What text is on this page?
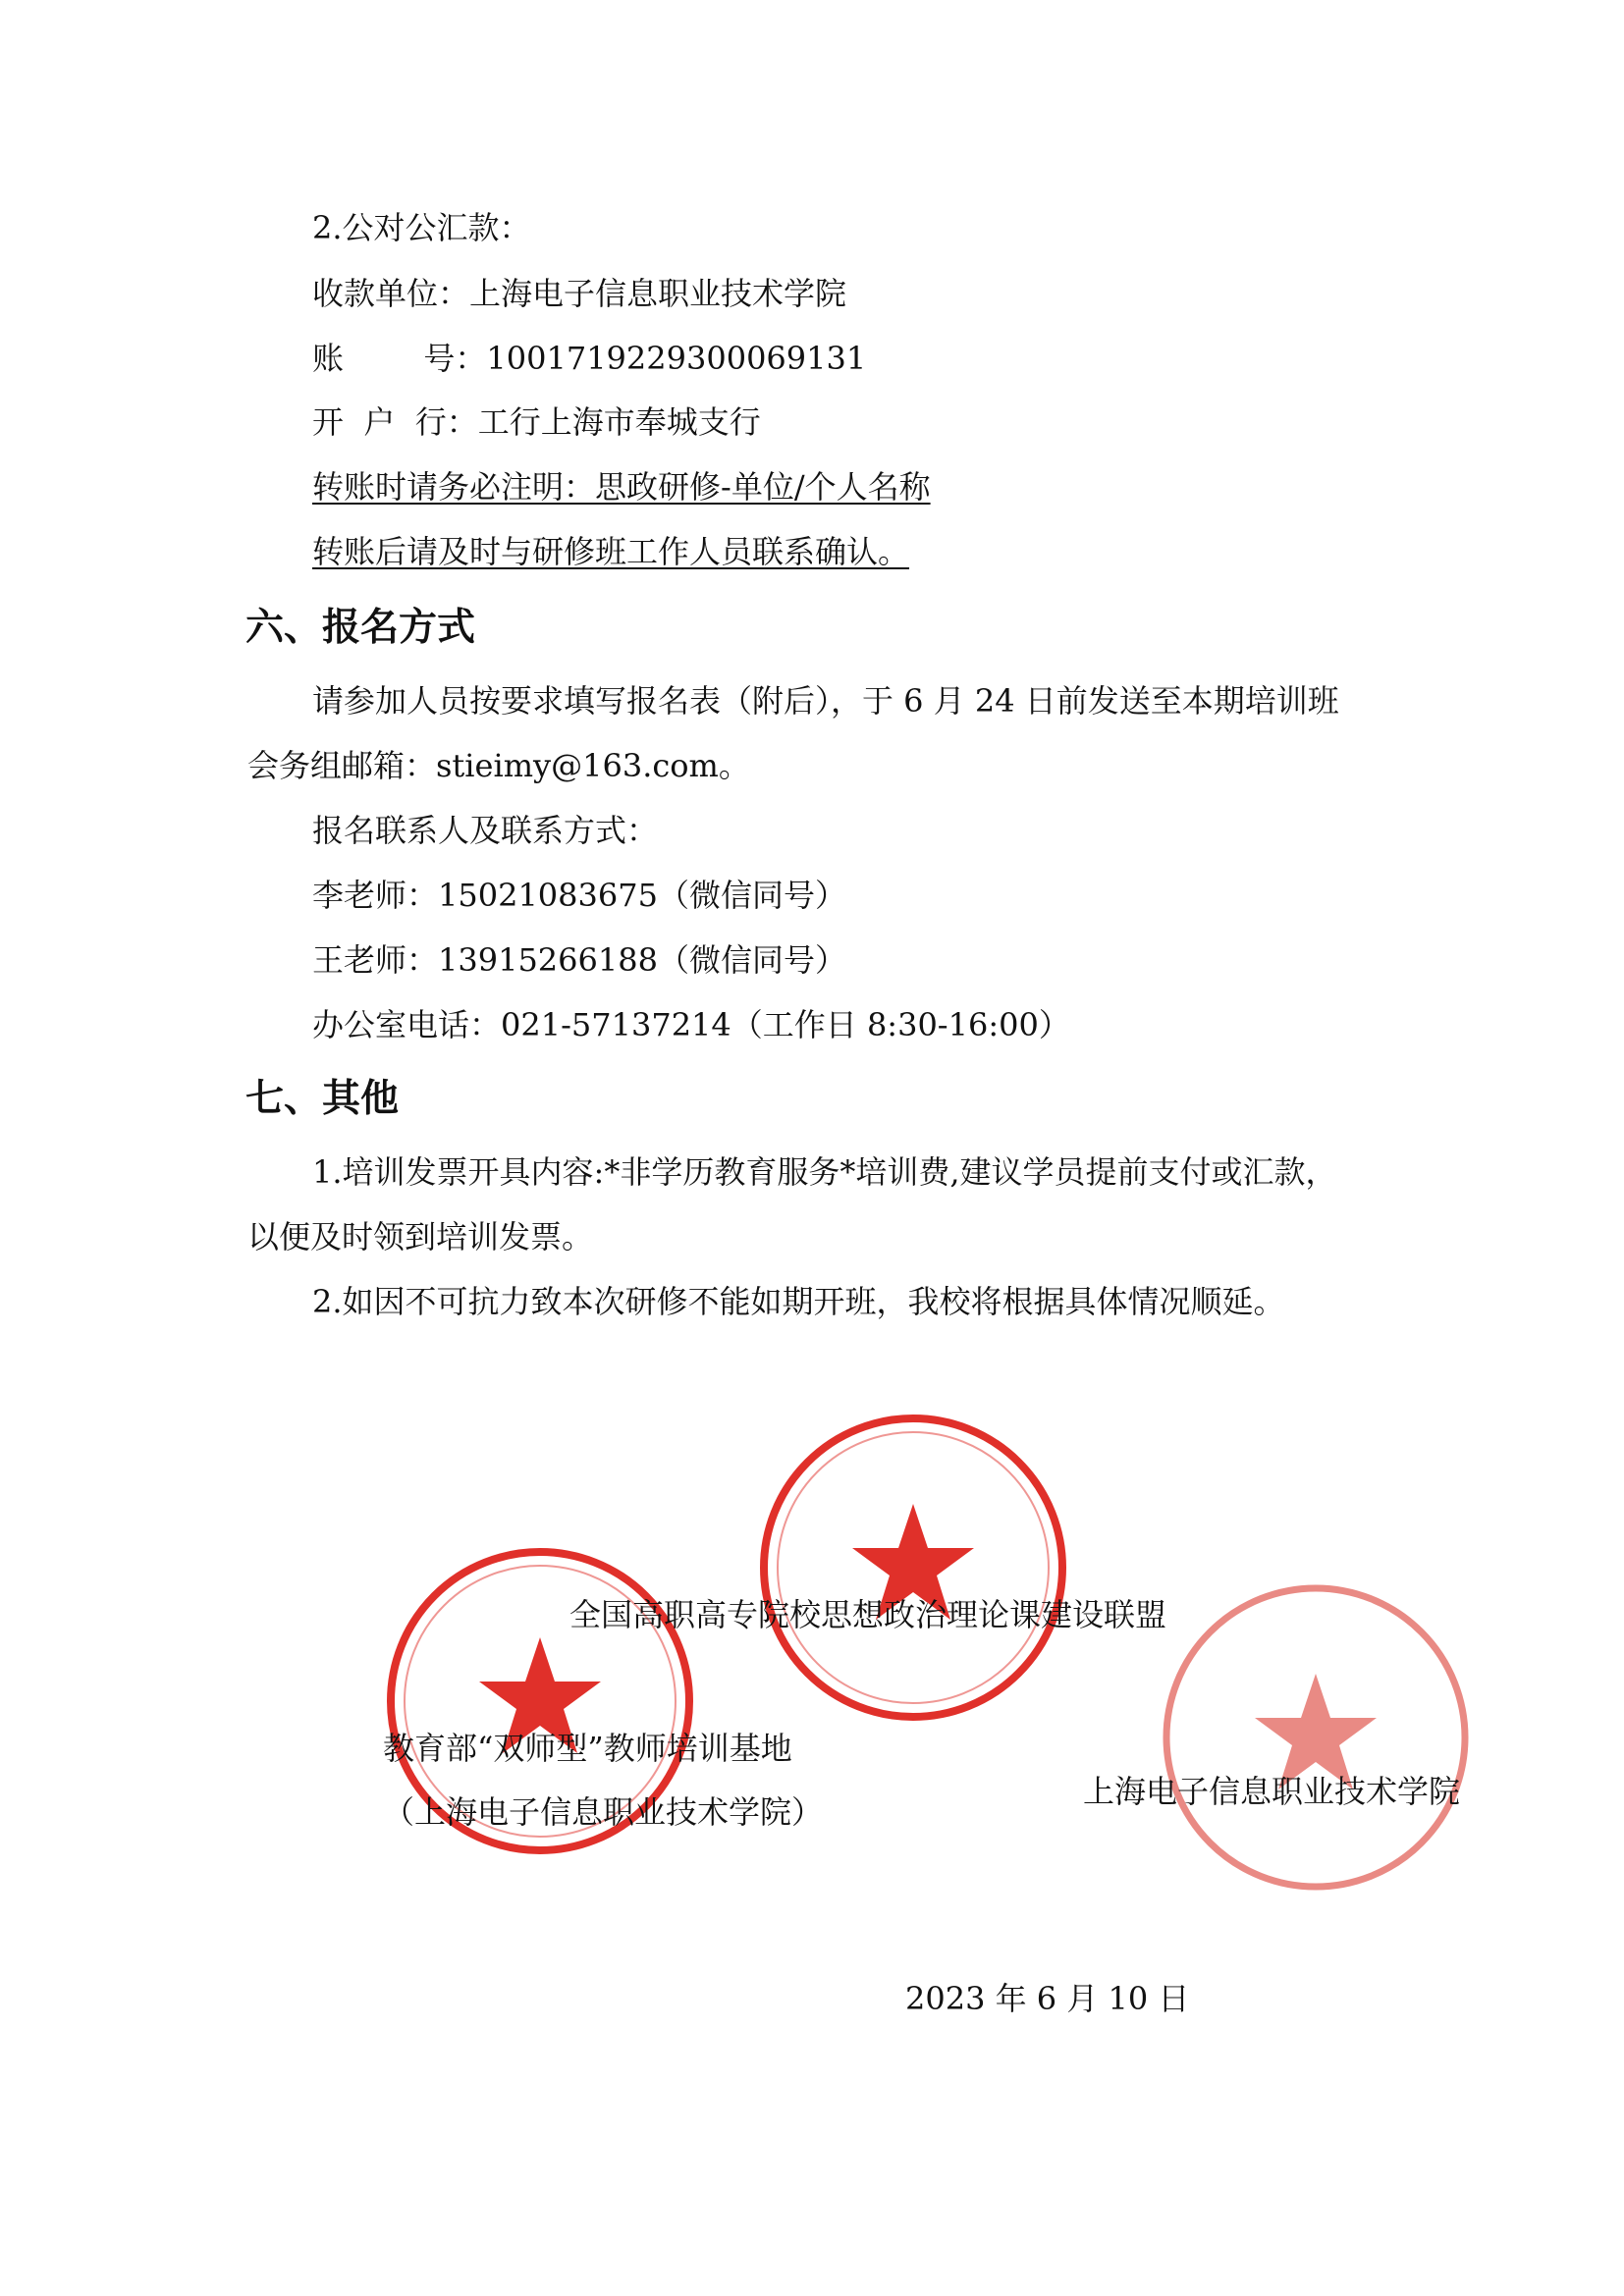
2.公对公汇款：
收款单位：上海电子信息职业技术学院
账        号：1001719229300069131
开  户  行：工行上海市奉城支行
转账时请务必注明：思政研修-单位/个人名称
转账后请及时与研修班工作人员联系确认。
六、报名方式
请参加人员按要求填写报名表（附后），于 6 月 24 日前发送至本期培训班
会务组邮箱：stieimy@163.com。
报名联系人及联系方式：
李老师：15021083675（微信同号）
王老师：13915266188（微信同号）
办公室电话：021-57137214（工作日 8:30-16:00）
七、其他
1.培训发票开具内容:*非学历教育服务*培训费,建议学员提前支付或汇款，
以便及时领到培训发票。
2.如因不可抗力致本次研修不能如期开班，我校将根据具体情况顺延。
全国高职高专院校思想政治理论课建设联盟
教育部“双师型”教师培训基地
（上海电子信息职业技术学院）
上海电子信息职业技术学院
2023 年 6 月 10 日
